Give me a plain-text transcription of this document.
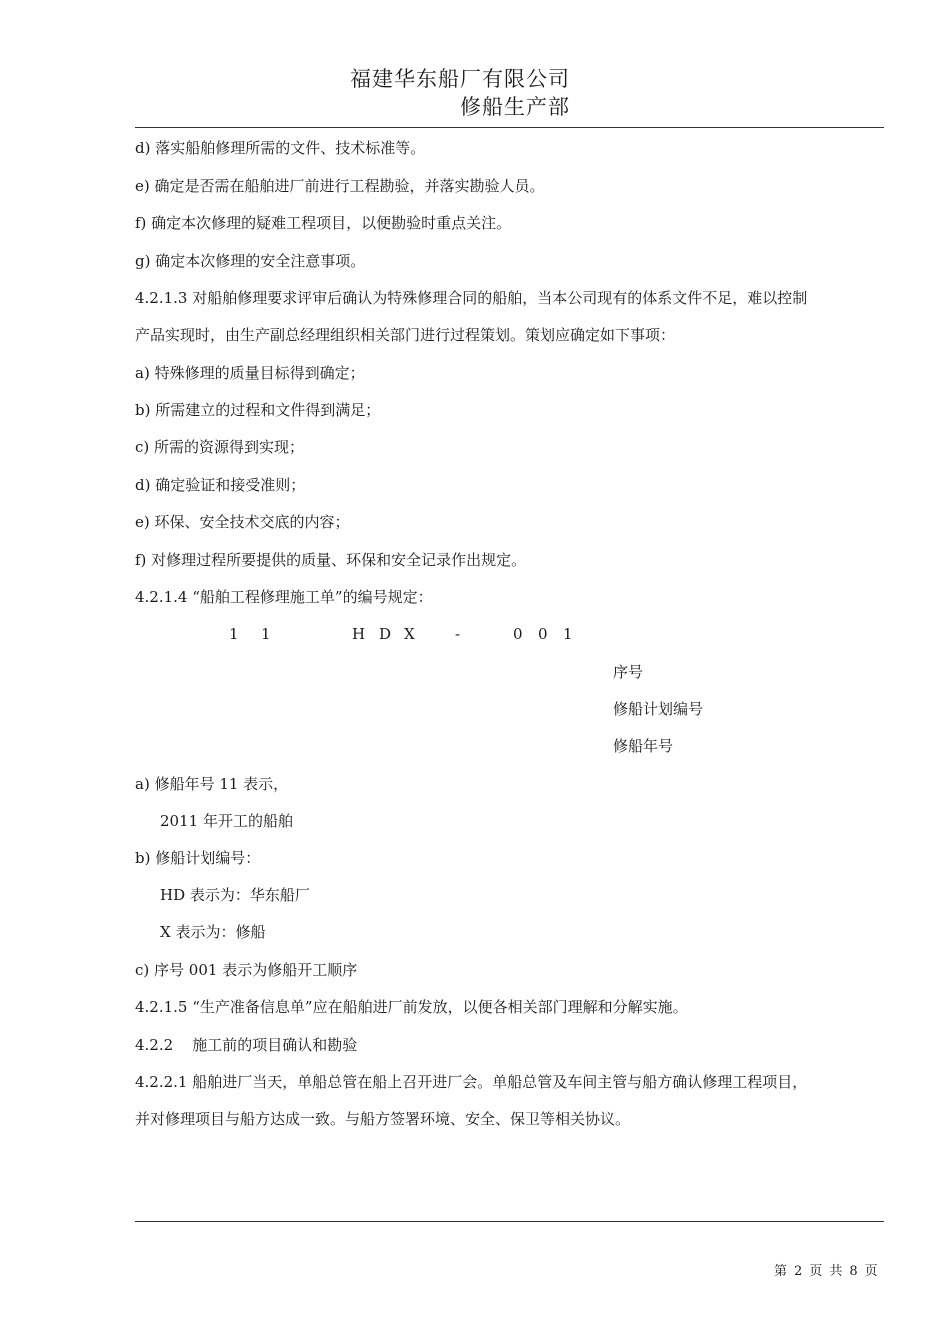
福建华东船厂有限公司
修船生产部
d) 落实船舶修理所需的文件、技术标准等。
e) 确定是否需在船舶进厂前进行工程勘验，并落实勘验人员。
f) 确定本次修理的疑难工程项目，以便勘验时重点关注。
g) 确定本次修理的安全注意事项。
4.2.1.3 对船舶修理要求评审后确认为特殊修理合同的船舶，当本公司现有的体系文件不足，难以控制
产品实现时，由生产副总经理组织相关部门进行过程策划。策划应确定如下事项：
a) 特殊修理的质量目标得到确定；
b) 所需建立的过程和文件得到满足；
c) 所需的资源得到实现；
d) 确定验证和接受准则；
e) 环保、安全技术交底的内容；
f) 对修理过程所要提供的质量、环保和安全记录作出规定。
4.2.1.4 “船舶工程修理施工单”的编号规定：
1 1	H D X	-	0 0 1
序号
修船计划编号
修船年号
a) 修船年号 11 表示，
2011 年开工的船舶
b) 修船计划编号：
HD 表示为：华东船厂
X 表示为：修船
c) 序号 001 表示为修船开工顺序
4.2.1.5 “生产准备信息单”应在船舶进厂前发放，以便各相关部门理解和分解实施。
4.2.2    施工前的项目确认和勘验
4.2.2.1 船舶进厂当天，单船总管在船上召开进厂会。单船总管及车间主管与船方确认修理工程项目，
并对修理项目与船方达成一致。与船方签署环境、安全、保卫等相关协议。
第 2 页 共 8 页
